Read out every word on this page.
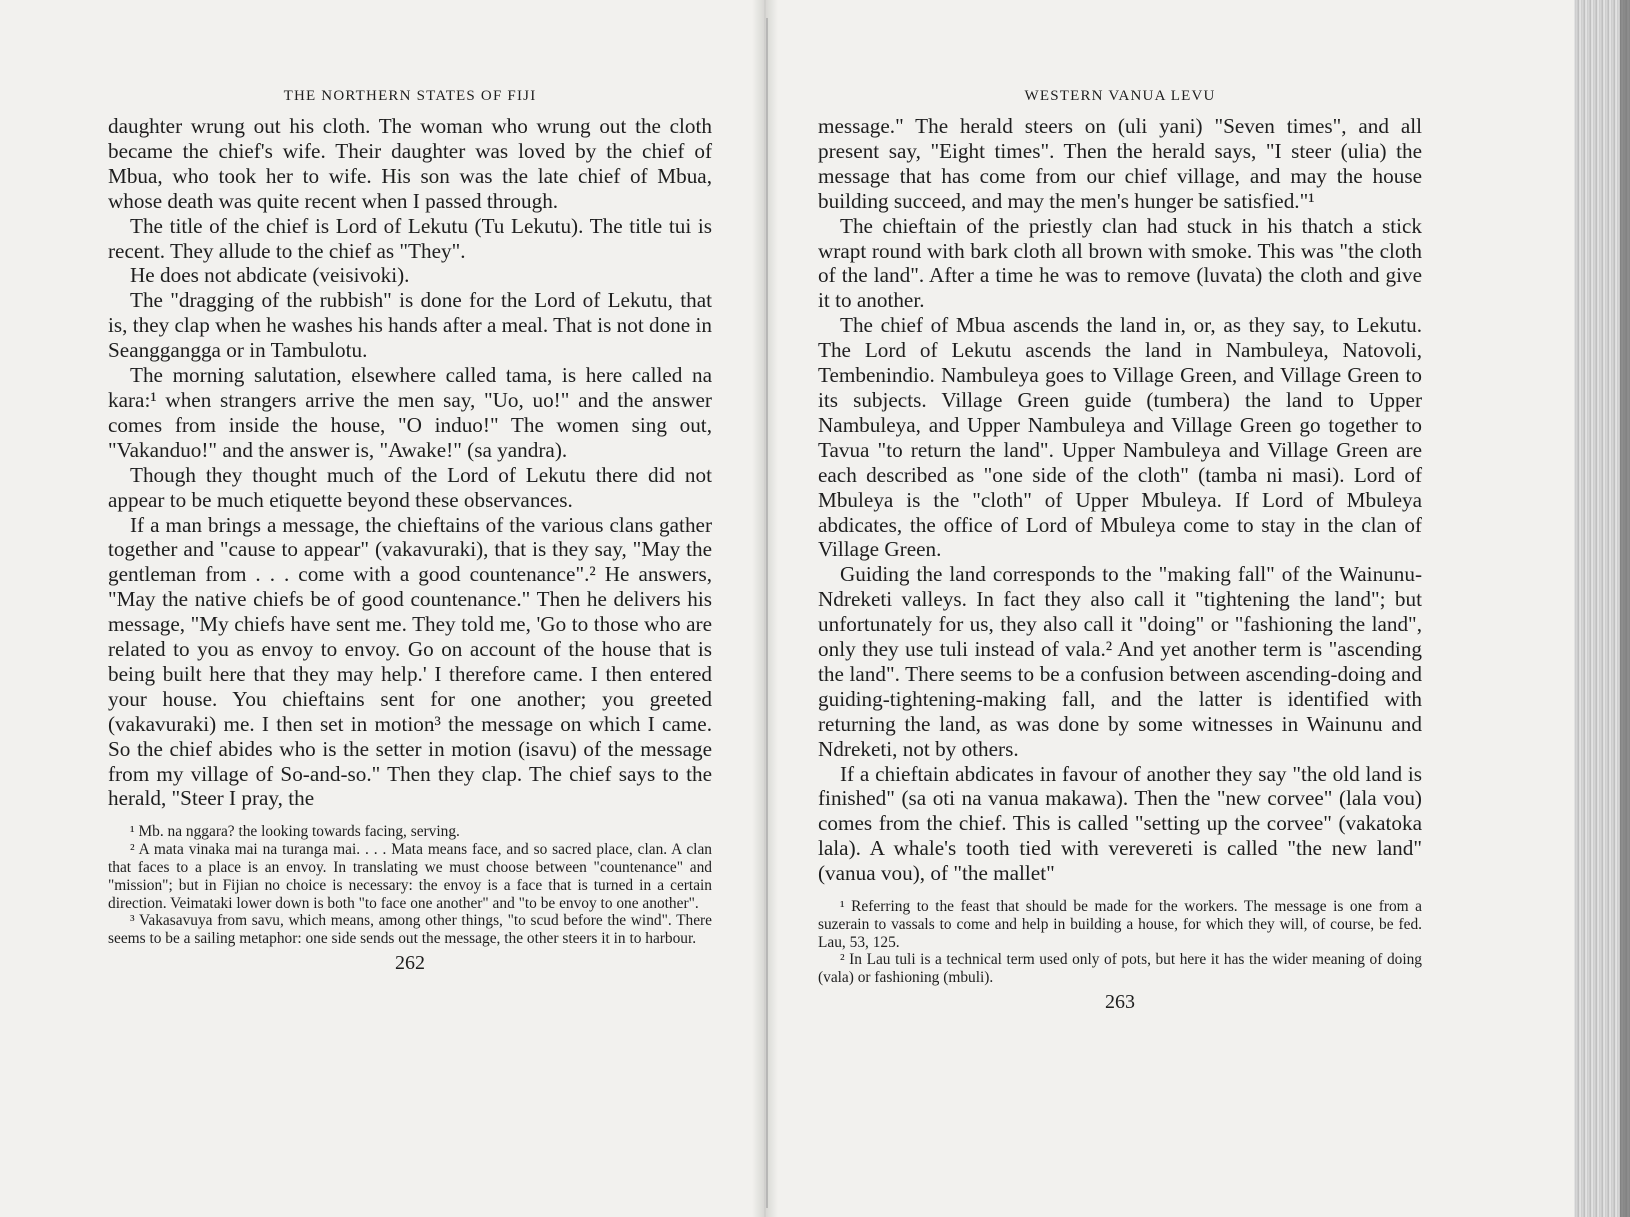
THE NORTHERN STATES OF FIJI

daughter wrung out his cloth. The woman who wrung out the cloth became the chief's wife. Their daughter was loved by the chief of Mbua, who took her to wife. His son was the late chief of Mbua, whose death was quite recent when I passed through.

The title of the chief is Lord of Lekutu (Tu Lekutu). The title tui is recent. They allude to the chief as "They".

He does not abdicate (veisivoki).

The "dragging of the rubbish" is done for the Lord of Lekutu, that is, they clap when he washes his hands after a meal. That is not done in Seanggangga or in Tambulotu.

The morning salutation, elsewhere called tama, is here called na kara:¹ when strangers arrive the men say, "Uo, uo!" and the answer comes from inside the house, "O induo!" The women sing out, "Vakanduo!" and the answer is, "Awake!" (sa yandra).

Though they thought much of the Lord of Lekutu there did not appear to be much etiquette beyond these observances.

If a man brings a message, the chieftains of the various clans gather together and "cause to appear" (vakavuraki), that is they say, "May the gentleman from . . . come with a good countenance".² He answers, "May the native chiefs be of good countenance." Then he delivers his message, "My chiefs have sent me. They told me, 'Go to those who are related to you as envoy to envoy. Go on account of the house that is being built here that they may help.' I therefore came. I then entered your house. You chieftains sent for one another; you greeted (vakavuraki) me. I then set in motion³ the message on which I came. So the chief abides who is the setter in motion (isavu) of the message from my village of So-and-so." Then they clap. The chief says to the herald, "Steer I pray, the

¹ Mb. na nggara? the looking towards facing, serving.

² A mata vinaka mai na turanga mai. . . . Mata means face, and so sacred place, clan. A clan that faces to a place is an envoy. In translating we must choose between "countenance" and "mission"; but in Fijian no choice is necessary: the envoy is a face that is turned in a certain direction. Veimataki lower down is both "to face one another" and "to be envoy to one another".

³ Vakasavuya from savu, which means, among other things, "to scud before the wind". There seems to be a sailing metaphor: one side sends out the message, the other steers it in to harbour.

262
WESTERN VANUA LEVU

message." The herald steers on (uli yani) "Seven times", and all present say, "Eight times". Then the herald says, "I steer (ulia) the message that has come from our chief village, and may the house building succeed, and may the men's hunger be satisfied."¹

The chieftain of the priestly clan had stuck in his thatch a stick wrapt round with bark cloth all brown with smoke. This was "the cloth of the land". After a time he was to remove (luvata) the cloth and give it to another.

The chief of Mbua ascends the land in, or, as they say, to Lekutu. The Lord of Lekutu ascends the land in Nambuleya, Natovoli, Tembenindio. Nambuleya goes to Village Green, and Village Green to its subjects. Village Green guide (tumbera) the land to Upper Nambuleya, and Upper Nambuleya and Village Green go together to Tavua "to return the land". Upper Nambuleya and Village Green are each described as "one side of the cloth" (tamba ni masi). Lord of Mbuleya is the "cloth" of Upper Mbuleya. If Lord of Mbuleya abdicates, the office of Lord of Mbuleya come to stay in the clan of Village Green.

Guiding the land corresponds to the "making fall" of the Wainunu-Ndreketi valleys. In fact they also call it "tightening the land"; but unfortunately for us, they also call it "doing" or "fashioning the land", only they use tuli instead of vala.² And yet another term is "ascending the land". There seems to be a confusion between ascending-doing and guiding-tightening-making fall, and the latter is identified with returning the land, as was done by some witnesses in Wainunu and Ndreketi, not by others.

If a chieftain abdicates in favour of another they say "the old land is finished" (sa oti na vanua makawa). Then the "new corvee" (lala vou) comes from the chief. This is called "setting up the corvee" (vakatoka lala). A whale's tooth tied with verevereti is called "the new land" (vanua vou), of "the mallet"

¹ Referring to the feast that should be made for the workers. The message is one from a suzerain to vassals to come and help in building a house, for which they will, of course, be fed. Lau, 53, 125.

² In Lau tuli is a technical term used only of pots, but here it has the wider meaning of doing (vala) or fashioning (mbuli).

263
